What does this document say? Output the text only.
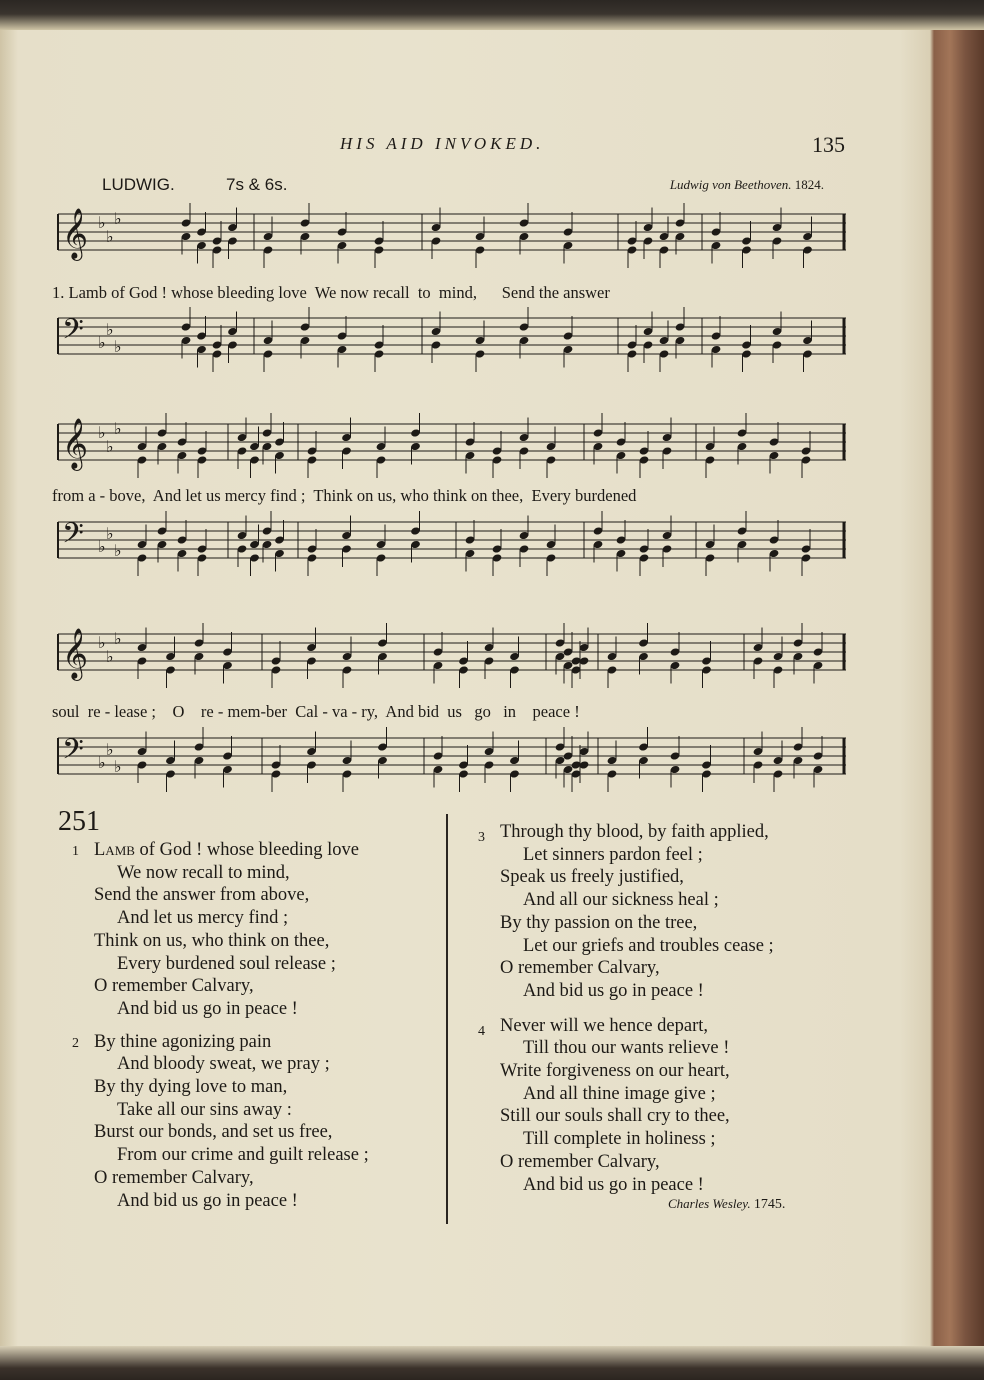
HIS AID INVOKED.	135
LUDWIG.	7s & 6s.	Ludwig von Beethoven. 1824.
𝄞 ♭
♭
♭
1. Lamb of God ! whose bleeding love  We now recall  to  mind,      Send the answer
𝄢 ♭
♭
♭
𝄞 ♭
♭
♭
from a - bove,  And let us mercy find ;  Think on us, who think on thee,  Every burdened
𝄢 ♭
♭
♭
𝄞 ♭
♭
♭
soul  re - lease ;    O    re - mem-ber  Cal - va - ry,  And bid  us   go   in    peace !
𝄢 ♭
♭
♭
251
1 Lamb of God ! whose bleeding love
We now recall to mind,
Send the answer from above,
And let us mercy find ;
Think on us, who think on thee,
Every burdened soul release ;
O remember Calvary,
And bid us go in peace !
2 By thine agonizing pain
And bloody sweat, we pray ;
By thy dying love to man,
Take all our sins away :
Burst our bonds, and set us free,
From our crime and guilt release ;
O remember Calvary,
And bid us go in peace !
3 Through thy blood, by faith applied,
Let sinners pardon feel ;
Speak us freely justified,
And all our sickness heal ;
By thy passion on the tree,
Let our griefs and troubles cease ;
O remember Calvary,
And bid us go in peace !
4 Never will we hence depart,
Till thou our wants relieve !
Write forgiveness on our heart,
And all thine image give ;
Still our souls shall cry to thee,
Till complete in holiness ;
O remember Calvary,
And bid us go in peace !
Charles Wesley. 1745.
